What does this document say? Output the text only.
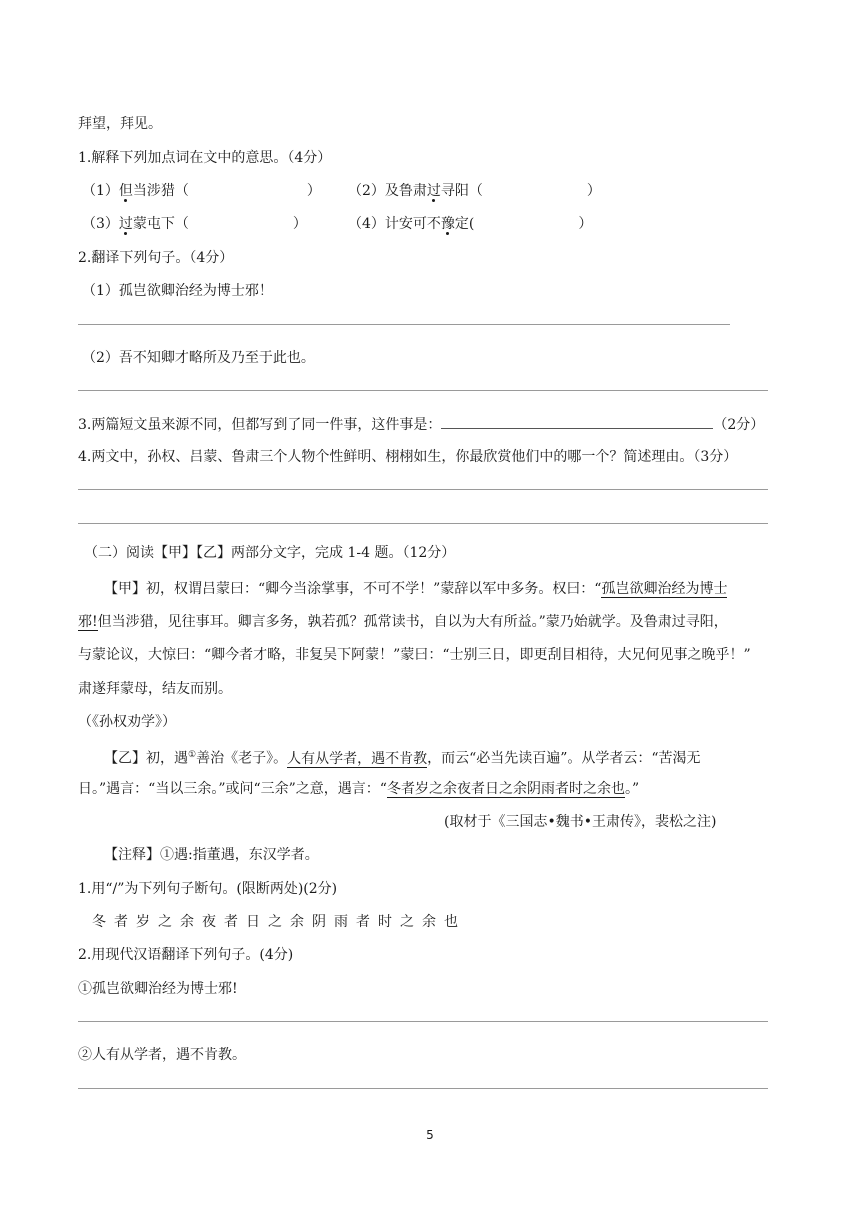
拜望，拜见。
1.解释下列加点词在文中的意思。（4分）
（1）但当涉猎（	） （2）及鲁肃过寻阳（	）
（3）过蒙屯下（	）	（4）计安可不豫定(	）
2.翻译下列句子。（4分）
（1）孤岂欲卿治经为博士邪！
（2）吾不知卿才略所及乃至于此也。
3.两篇短文虽来源不同，但都写到了同一件事，这件事是：	（2分）
4.两文中，孙权、吕蒙、鲁肃三个人物个性鲜明、栩栩如生，你最欣赏他们中的哪一个？简述理由。（3分）
（二）阅读【甲】【乙】两部分文字，完成 1-4 题。（12分）
【甲】初，权谓吕蒙曰：“卿今当涂掌事，不可不学！”蒙辞以军中多务。权曰：“孤岂欲卿治经为博士
邪!但当涉猎，见往事耳。卿言多务，孰若孤？孤常读书，自以为大有所益。”蒙乃始就学。及鲁肃过寻阳，
与蒙论议，大惊曰：“卿今者才略，非复吴下阿蒙！”蒙曰：“士别三日，即更刮目相待，大兄何见事之晚乎！”
肃遂拜蒙母，结友而别。
（《孙权劝学》）
【乙】初，遇①善治《老子》。人有从学者，遇不肯教，而云“必当先读百遍”。从学者云：“苦渴无
日。”遇言：“当以三余。”或问“三余”之意，遇言：“冬者岁之余夜者日之余阴雨者时之余也。”
(取材于《三国志•魏书•王肃传》，裴松之注)
【注释】①遇:指董遇，东汉学者。
1.用“/”为下列句子断句。(限断两处)(2分)
冬者岁之余夜者日之余阴雨者时之余也
2.用现代汉语翻译下列句子。(4分)
①孤岂欲卿治经为博士邪!
②人有从学者，遇不肯教。
5
